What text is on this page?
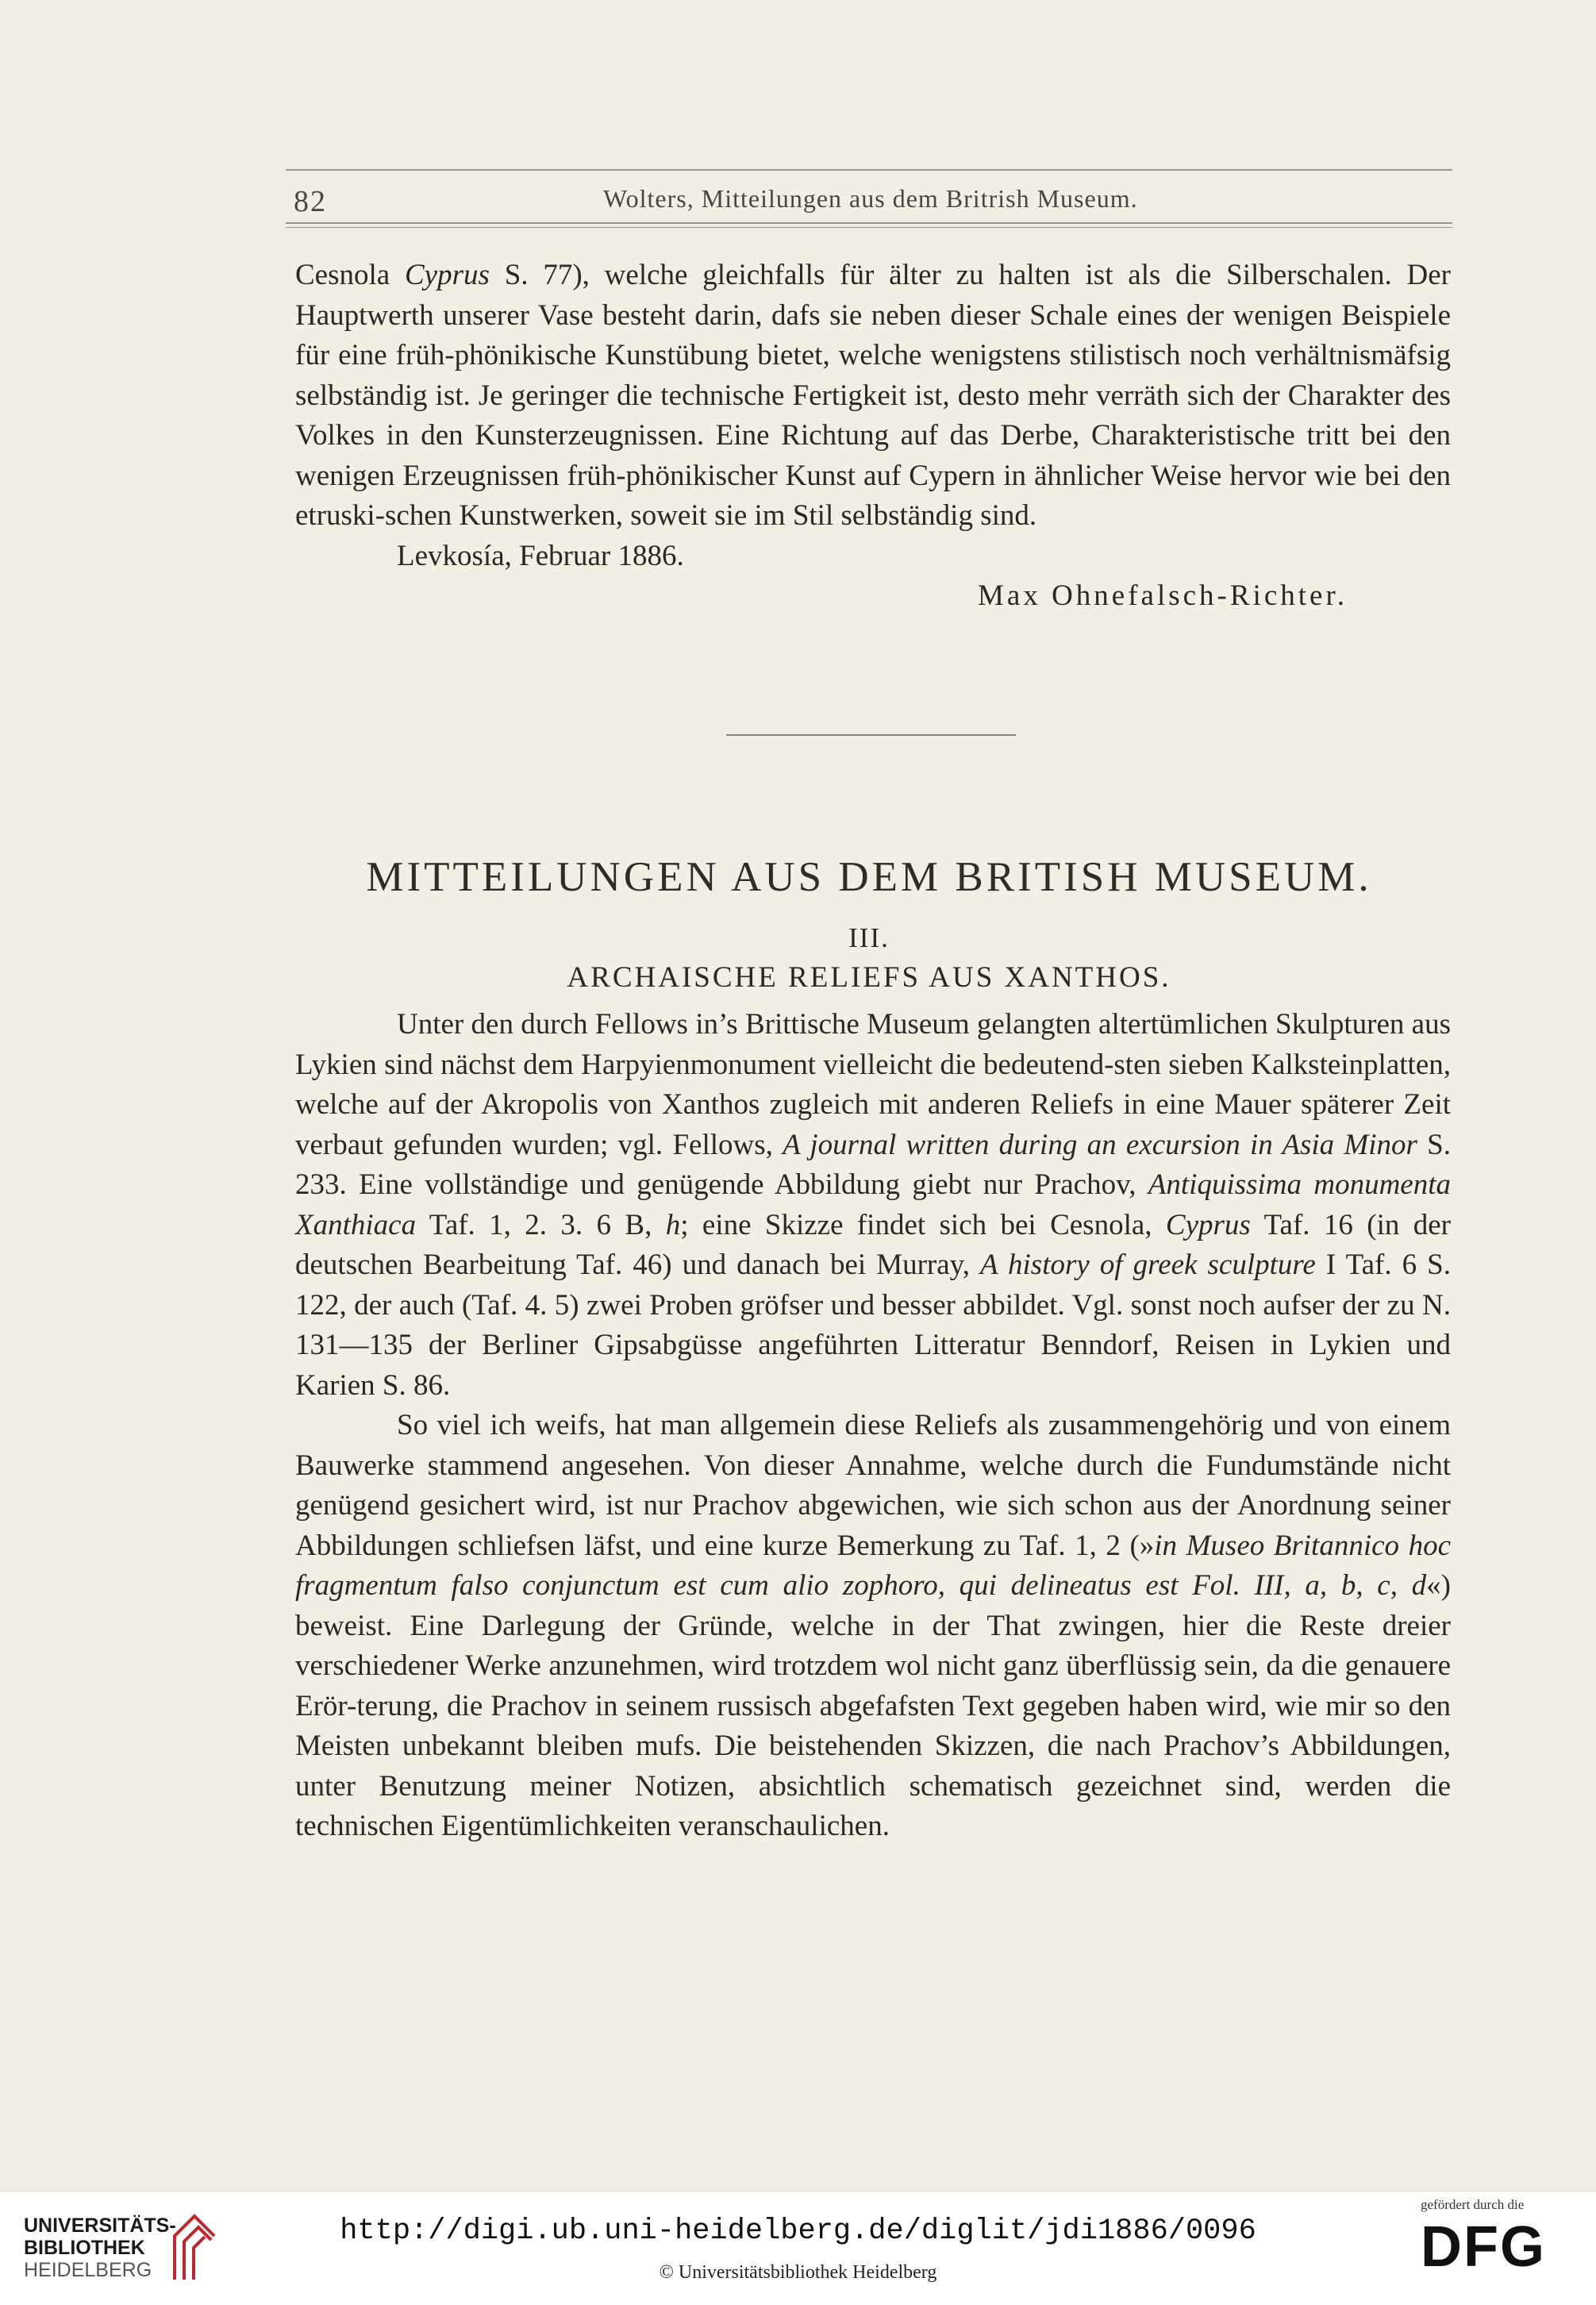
82	Wolters, Mitteilungen aus dem Britrish Museum.

Cesnola Cyprus S. 77), welche gleichfalls für älter zu halten ist als die Silberschalen. Der Hauptwerth unserer Vase besteht darin, dafs sie neben dieser Schale eines der wenigen Beispiele für eine früh-phönikische Kunstübung bietet, welche wenigstens stilistisch noch verhältnismäfsig selbständig ist. Je geringer die technische Fertigkeit ist, desto mehr verräth sich der Charakter des Volkes in den Kunsterzeugnissen. Eine Richtung auf das Derbe, Charakteristische tritt bei den wenigen Erzeugnissen früh-phönikischer Kunst auf Cypern in ähnlicher Weise hervor wie bei den etruski-schen Kunstwerken, soweit sie im Stil selbständig sind.

Levkosía, Februar 1886.

Max Ohnefalsch-Richter.

MITTEILUNGEN AUS DEM BRITISH MUSEUM.
III.
ARCHAISCHE RELIEFS AUS XANTHOS.

Unter den durch Fellows in’s Brittische Museum gelangten altertümlichen Skulpturen aus Lykien sind nächst dem Harpyienmonument vielleicht die bedeutend-sten sieben Kalksteinplatten, welche auf der Akropolis von Xanthos zugleich mit anderen Reliefs in eine Mauer späterer Zeit verbaut gefunden wurden; vgl. Fellows, A journal written during an excursion in Asia Minor S. 233. Eine vollständige und genügende Abbildung giebt nur Prachov, Antiquissima monumenta Xanthiaca Taf. 1, 2. 3. 6 B, h; eine Skizze findet sich bei Cesnola, Cyprus Taf. 16 (in der deutschen Bearbeitung Taf. 46) und danach bei Murray, A history of greek sculpture I Taf. 6 S. 122, der auch (Taf. 4. 5) zwei Proben gröfser und besser abbildet. Vgl. sonst noch aufser der zu N. 131—135 der Berliner Gipsabgüsse angeführten Litteratur Benndorf, Reisen in Lykien und Karien S. 86.

So viel ich weifs, hat man allgemein diese Reliefs als zusammengehörig und von einem Bauwerke stammend angesehen. Von dieser Annahme, welche durch die Fundumstände nicht genügend gesichert wird, ist nur Prachov abgewichen, wie sich schon aus der Anordnung seiner Abbildungen schliefsen läfst, und eine kurze Bemerkung zu Taf. 1, 2 (»in Museo Britannico hoc fragmentum falso conjunctum est cum alio zophoro, qui delineatus est Fol. III, a, b, c, d«) beweist. Eine Darlegung der Gründe, welche in der That zwingen, hier die Reste dreier verschiedener Werke anzunehmen, wird trotzdem wol nicht ganz überflüssig sein, da die genauere Erör-terung, die Prachov in seinem russisch abgefafsten Text gegeben haben wird, wie mir so den Meisten unbekannt bleiben mufs. Die beistehenden Skizzen, die nach Prachov’s Abbildungen, unter Benutzung meiner Notizen, absichtlich schematisch gezeichnet sind, werden die technischen Eigentümlichkeiten veranschaulichen.

UNIVERSITÄTS-
BIBLIOTHEK
HEIDELBERG
http://digi.ub.uni-heidelberg.de/diglit/jdi1886/0096
© Universitätsbibliothek Heidelberg
gefördert durch die
DFG
